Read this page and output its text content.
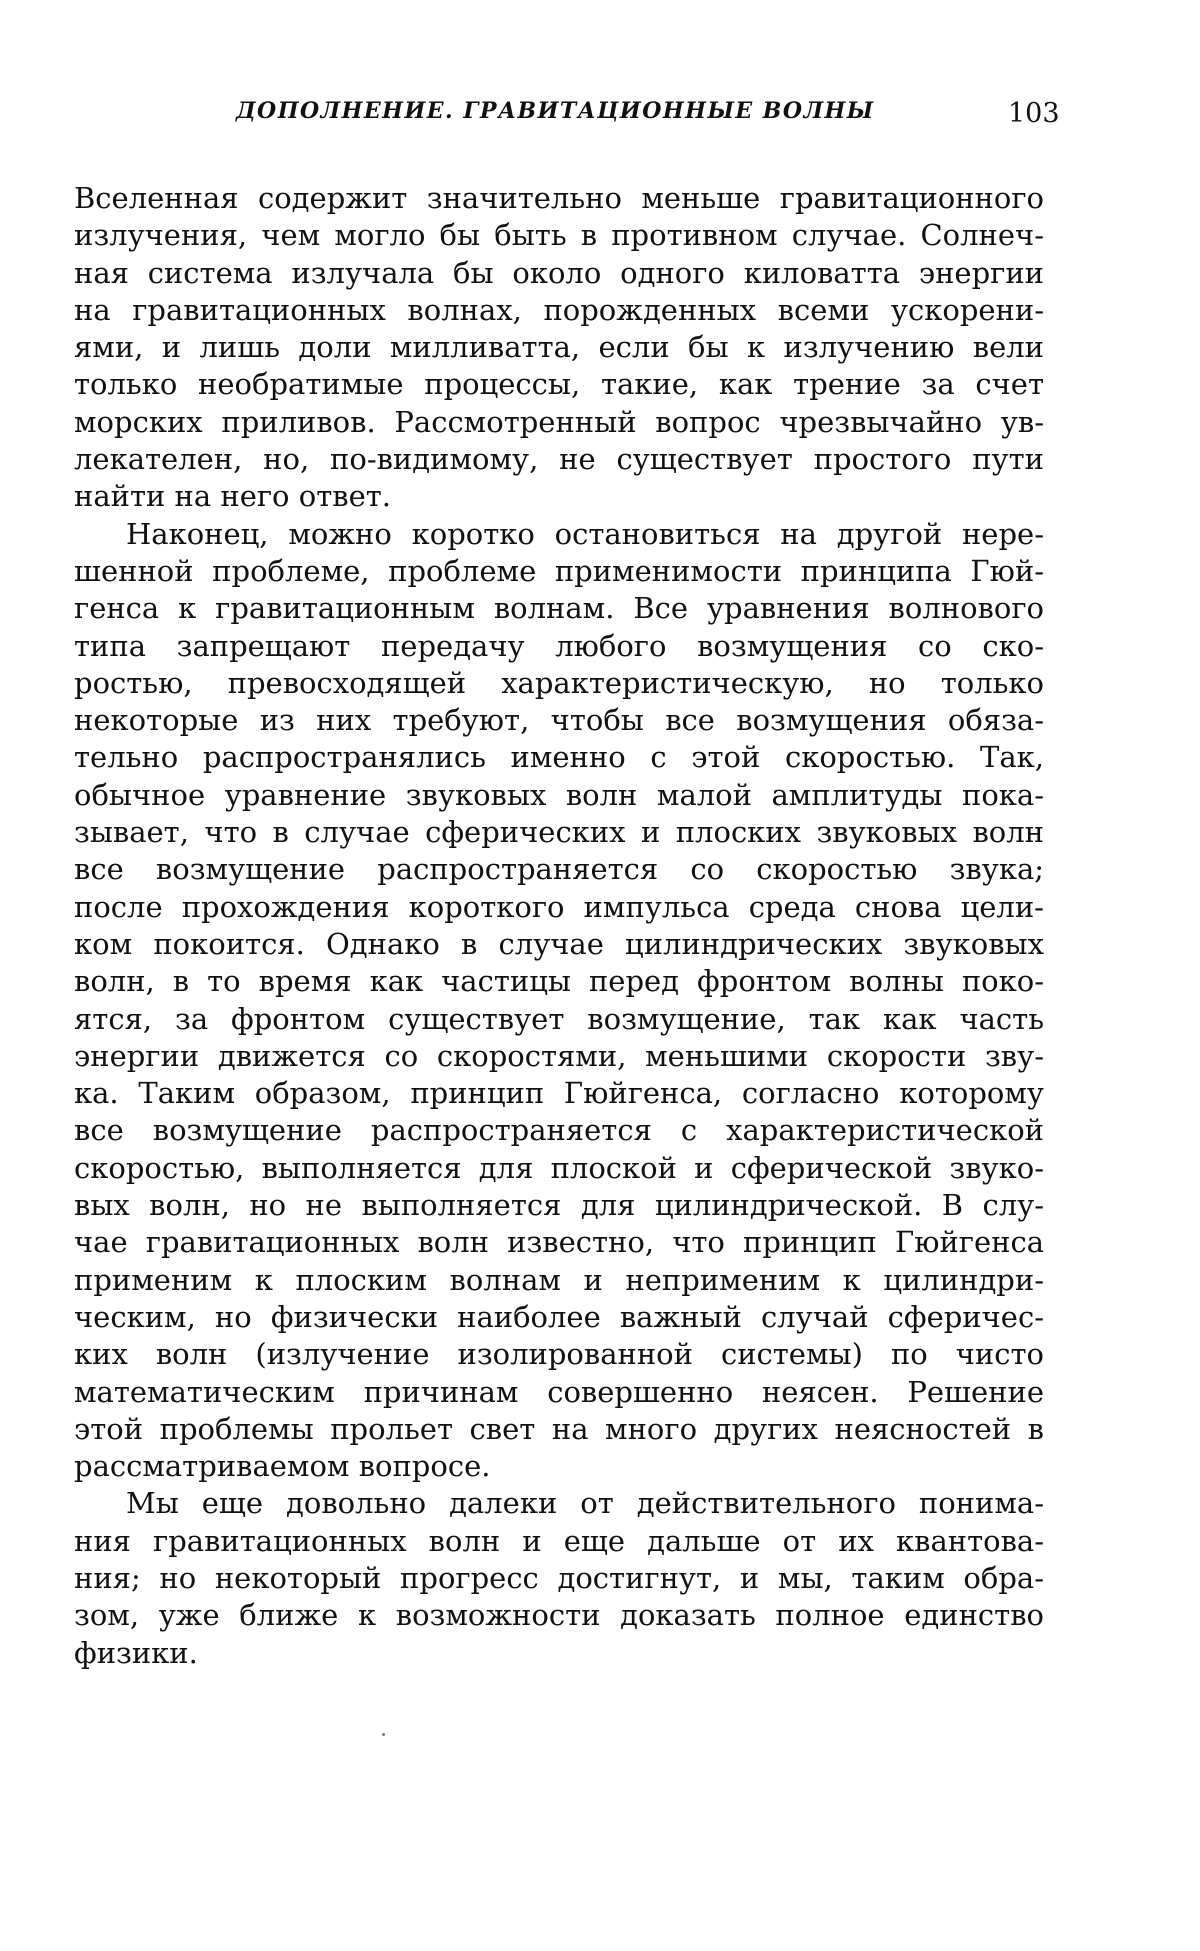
ДОПОЛНЕНИЕ. ГРАВИТАЦИОННЫЕ ВОЛНЫ	103
Вселенная содержит значительно меньше гравитационного
излучения, чем могло бы быть в противном случае. Солнеч-
ная система излучала бы около одного киловатта энергии
на гравитационных волнах, порожденных всеми ускорени-
ями, и лишь доли милливатта, если бы к излучению вели
только необратимые процессы, такие, как трение за счет
морских приливов. Рассмотренный вопрос чрезвычайно ув-
лекателен, но, по-видимому, не существует простого пути
найти на него ответ.
Наконец, можно коротко остановиться на другой нере-
шенной проблеме, проблеме применимости принципа Гюй-
генса к гравитационным волнам. Все уравнения волнового
типа запрещают передачу любого возмущения со ско-
ростью, превосходящей характеристическую, но только
некоторые из них требуют, чтобы все возмущения обяза-
тельно распространялись именно с этой скоростью. Так,
обычное уравнение звуковых волн малой амплитуды пока-
зывает, что в случае сферических и плоских звуковых волн
все возмущение распространяется со скоростью звука;
после прохождения короткого импульса среда снова цели-
ком покоится. Однако в случае цилиндрических звуковых
волн, в то время как частицы перед фронтом волны поко-
ятся, за фронтом существует возмущение, так как часть
энергии движется со скоростями, меньшими скорости зву-
ка. Таким образом, принцип Гюйгенса, согласно которому
все возмущение распространяется с характеристической
скоростью, выполняется для плоской и сферической звуко-
вых волн, но не выполняется для цилиндрической. В слу-
чае гравитационных волн известно, что принцип Гюйгенса
применим к плоским волнам и неприменим к цилиндри-
ческим, но физически наиболее важный случай сферичес-
ких волн (излучение изолированной системы) по чисто
математическим причинам совершенно неясен. Решение
этой проблемы прольет свет на много других неясностей в
рассматриваемом вопросе.
Мы еще довольно далеки от действительного понима-
ния гравитационных волн и еще дальше от их квантова-
ния; но некоторый прогресс достигнут, и мы, таким обра-
зом, уже ближе к возможности доказать полное единство
физики.
